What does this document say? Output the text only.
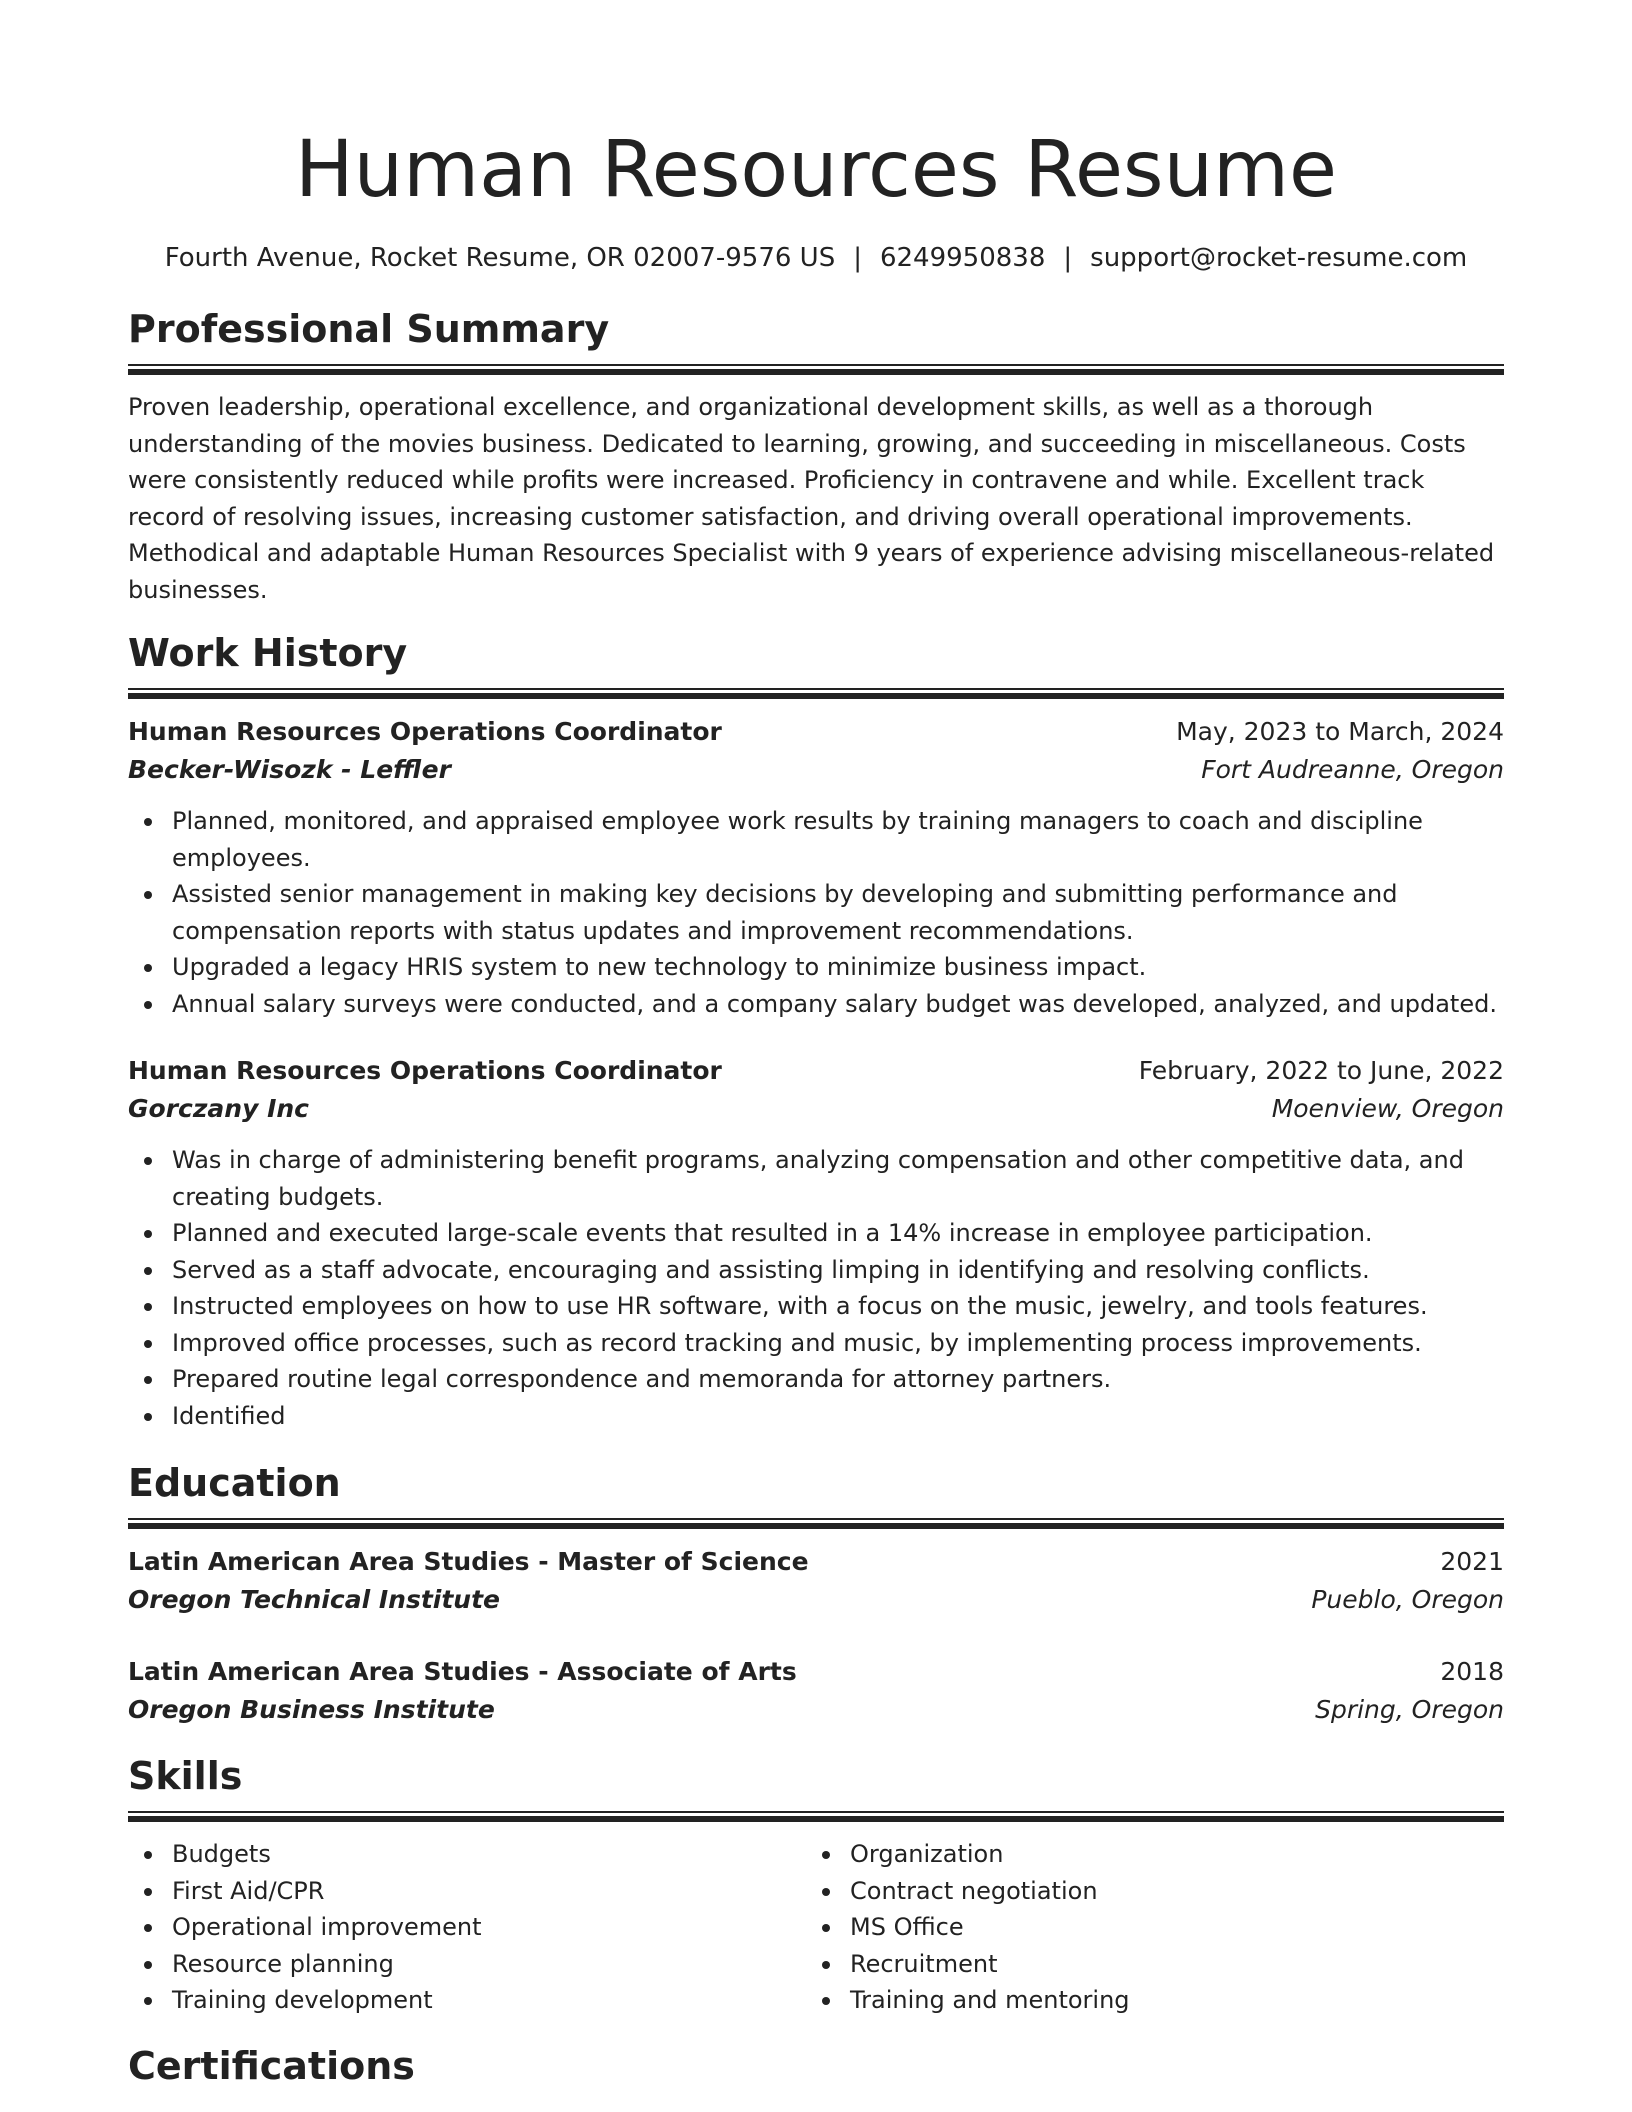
Human Resources Resume
Fourth Avenue, Rocket Resume, OR 02007-9576 US | 6249950838 | support@rocket-resume.com
Professional Summary

Proven leadership, operational excellence, and organizational development skills, as well as a thorough understanding of the movies business. Dedicated to learning, growing, and succeeding in miscellaneous. Costs were consistently reduced while profits were increased. Proficiency in contravene and while. Excellent track record of resolving issues, increasing customer satisfaction, and driving overall operational improvements. Methodical and adaptable Human Resources Specialist with 9 years of experience advising miscellaneous-related businesses.

Work History
Human Resources Operations Coordinator	May, 2023 to March, 2024
Becker-Wisozk - Leffler	Fort Audreanne, Oregon
Planned, monitored, and appraised employee work results by training managers to coach and discipline employees.
Assisted senior management in making key decisions by developing and submitting performance and compensation reports with status updates and improvement recommendations.
Upgraded a legacy HRIS system to new technology to minimize business impact.
Annual salary surveys were conducted, and a company salary budget was developed, analyzed, and updated.
Human Resources Operations Coordinator	February, 2022 to June, 2022
Gorczany Inc	Moenview, Oregon
Was in charge of administering benefit programs, analyzing compensation and other competitive data, and creating budgets.
Planned and executed large-scale events that resulted in a 14% increase in employee participation.
Served as a staff advocate, encouraging and assisting limping in identifying and resolving conflicts.
Instructed employees on how to use HR software, with a focus on the music, jewelry, and tools features.
Improved office processes, such as record tracking and music, by implementing process improvements.
Prepared routine legal correspondence and memoranda for attorney partners.
Identified
Education
Latin American Area Studies - Master of Science	2021
Oregon Technical Institute	Pueblo, Oregon
Latin American Area Studies - Associate of Arts	2018
Oregon Business Institute	Spring, Oregon
Skills
Budgets
First Aid/CPR
Operational improvement
Resource planning
Training development
Organization
Contract negotiation
MS Office
Recruitment
Training and mentoring
Certifications
